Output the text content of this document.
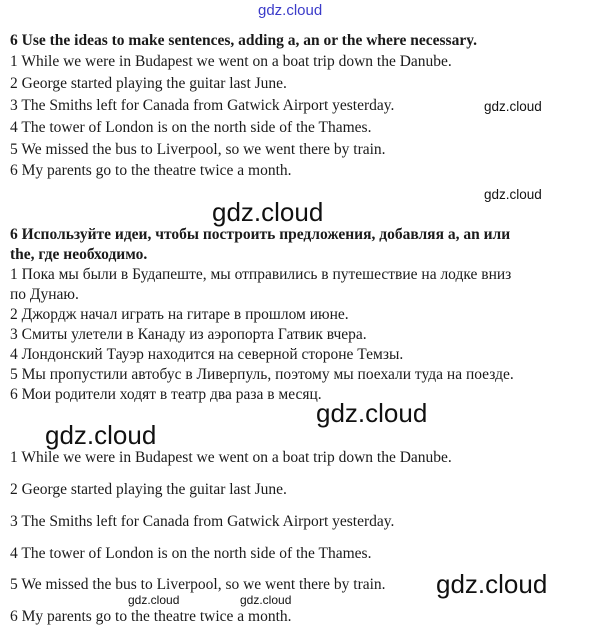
gdz.cloud
6 Use the ideas to make sentences, adding a, an or the where necessary.
1 While we were in Budapest we went on a boat trip down the Danube.
2 George started playing the guitar last June.
3 The Smiths left for Canada from Gatwick Airport yesterday.
4 The tower of London is on the north side of the Thames.
5 We missed the bus to Liverpool, so we went there by train.
6 My parents go to the theatre twice a month.
gdz.cloud
gdz.cloud
gdz.cloud
6 Используйте идеи, чтобы построить предложения, добавляя a, an или
the, где необходимо.
1 Пока мы были в Будапеште, мы отправились в путешествие на лодке вниз
по Дунаю.
2 Джордж начал играть на гитаре в прошлом июне.
3 Смиты улетели в Канаду из аэропорта Гатвик вчера.
4 Лондонский Тауэр находится на северной стороне Темзы.
5 Мы пропустили автобус в Ливерпуль, поэтому мы поехали туда на поезде.
6 Мои родители ходят в театр два раза в месяц.
gdz.cloud
gdz.cloud
1 While we were in Budapest we went on a boat trip down the Danube.
2 George started playing the guitar last June.
3 The Smiths left for Canada from Gatwick Airport yesterday.
4 The tower of London is on the north side of the Thames.
5 We missed the bus to Liverpool, so we went there by train.
6 My parents go to the theatre twice a month.
gdz.cloud
gdz.cloud	gdz.cloud
